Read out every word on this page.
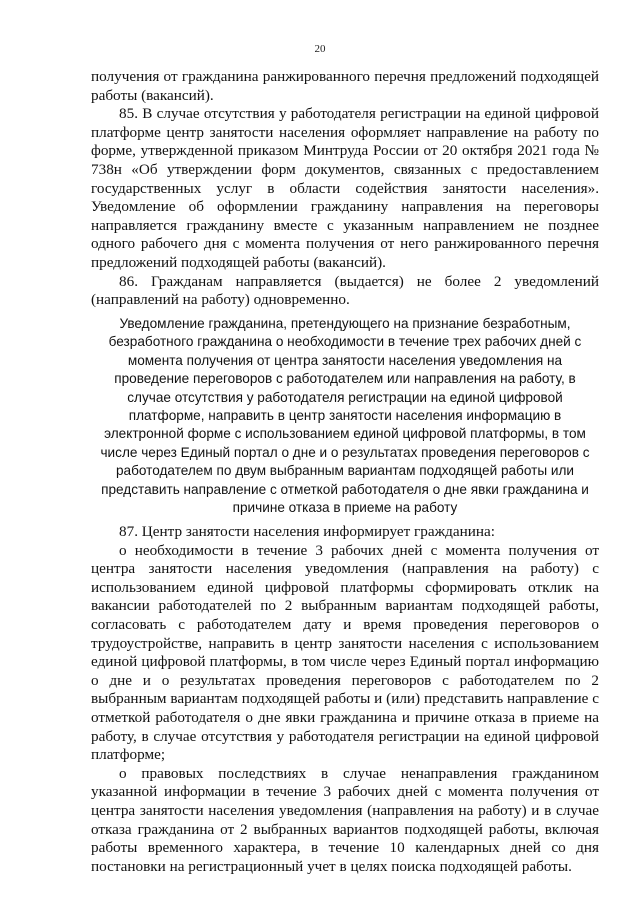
20

получения от гражданина ранжированного перечня предложений подходящей работы (вакансий).

85. В случае отсутствия у работодателя регистрации на единой цифровой платформе центр занятости населения оформляет направление на работу по форме, утвержденной приказом Минтруда России от 20 октября 2021 года № 738н «Об утверждении форм документов, связанных с предоставлением государственных услуг в области содействия занятости населения». Уведомление об оформлении гражданину направления на переговоры направляется гражданину вместе с указанным направлением не позднее одного рабочего дня с момента получения от него ранжированного перечня предложений подходящей работы (вакансий).

86. Гражданам направляется (выдается) не более 2 уведомлений (направлений на работу) одновременно.

Уведомление гражданина, претендующего на признание безработным, безработного гражданина о необходимости в течение трех рабочих дней с момента получения от центра занятости населения уведомления на проведение переговоров с работодателем или направления на работу, в случае отсутствия у работодателя регистрации на единой цифровой платформе, направить в центр занятости населения информацию в электронной форме с использованием единой цифровой платформы, в том числе через Единый портал о дне и о результатах проведения переговоров с работодателем по двум выбранным вариантам подходящей работы или представить направление с отметкой работодателя о дне явки гражданина и причине отказа в приеме на работу

87. Центр занятости населения информирует гражданина:

о необходимости в течение 3 рабочих дней с момента получения от центра занятости населения уведомления (направления на работу) с использованием единой цифровой платформы сформировать отклик на вакансии работодателей по 2 выбранным вариантам подходящей работы, согласовать с работодателем дату и время проведения переговоров о трудоустройстве, направить в центр занятости населения с использованием единой цифровой платформы, в том числе через Единый портал информацию о дне и о результатах проведения переговоров с работодателем по 2 выбранным вариантам подходящей работы и (или) представить направление с отметкой работодателя о дне явки гражданина и причине отказа в приеме на работу, в случае отсутствия у работодателя регистрации на единой цифровой платформе;

о правовых последствиях в случае ненаправления гражданином указанной информации в течение 3 рабочих дней с момента получения от центра занятости населения уведомления (направления на работу) и в случае отказа гражданина от 2 выбранных вариантов подходящей работы, включая работы временного характера, в течение 10 календарных дней со дня постановки на регистрационный учет в целях поиска подходящей работы.
